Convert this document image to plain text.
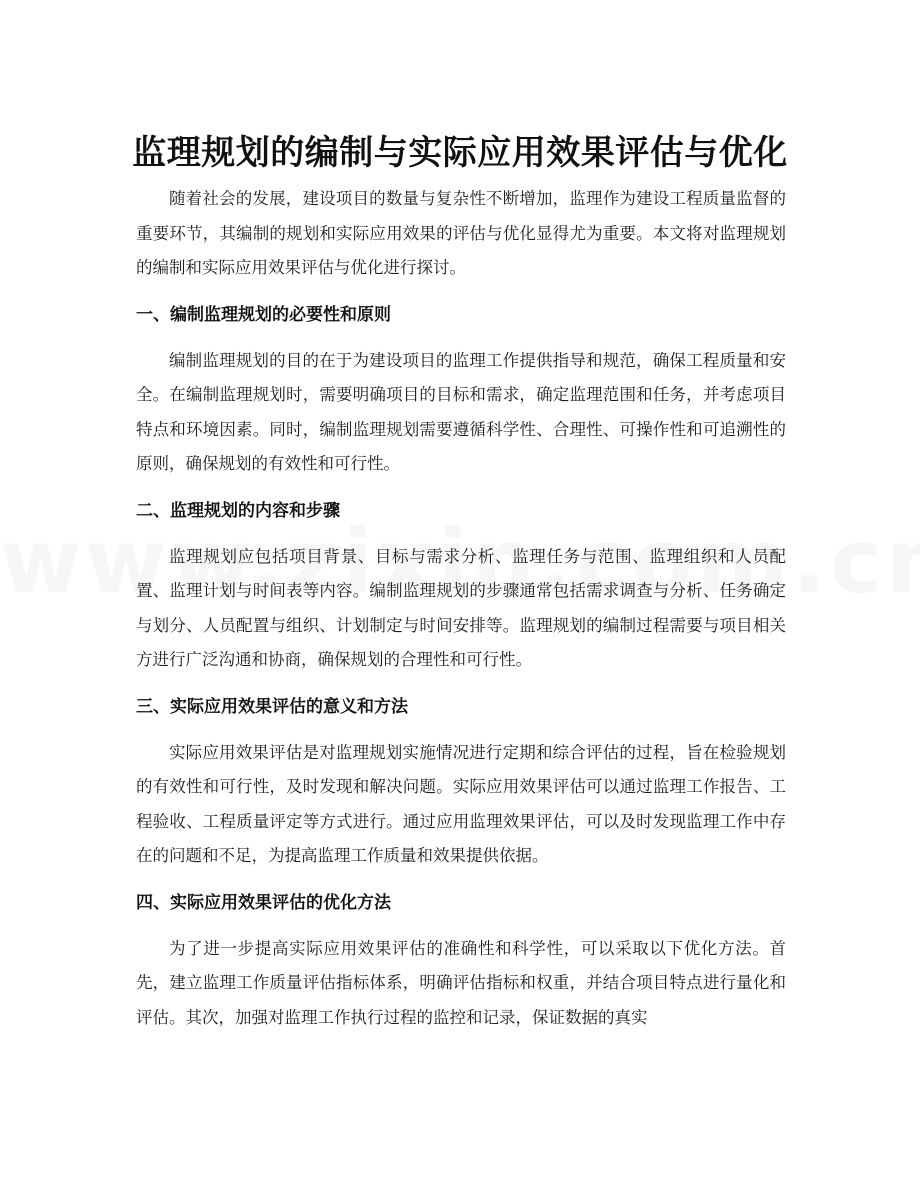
监理规划的编制与实际应用效果评估与优化

随着社会的发展，建设项目的数量与复杂性不断增加，监理作为建设工程质量监督的重要环节，其编制的规划和实际应用效果的评估与优化显得尤为重要。本文将对监理规划的编制和实际应用效果评估与优化进行探讨。

一、编制监理规划的必要性和原则

编制监理规划的目的在于为建设项目的监理工作提供指导和规范，确保工程质量和安全。在编制监理规划时，需要明确项目的目标和需求，确定监理范围和任务，并考虑项目特点和环境因素。同时，编制监理规划需要遵循科学性、合理性、可操作性和可追溯性的原则，确保规划的有效性和可行性。

二、监理规划的内容和步骤

监理规划应包括项目背景、目标与需求分析、监理任务与范围、监理组织和人员配置、监理计划与时间表等内容。编制监理规划的步骤通常包括需求调查与分析、任务确定与划分、人员配置与组织、计划制定与时间安排等。监理规划的编制过程需要与项目相关方进行广泛沟通和协商，确保规划的合理性和可行性。

三、实际应用效果评估的意义和方法

实际应用效果评估是对监理规划实施情况进行定期和综合评估的过程，旨在检验规划的有效性和可行性，及时发现和解决问题。实际应用效果评估可以通过监理工作报告、工程验收、工程质量评定等方式进行。通过应用监理效果评估，可以及时发现监理工作中存在的问题和不足，为提高监理工作质量和效果提供依据。

四、实际应用效果评估的优化方法

为了进一步提高实际应用效果评估的准确性和科学性，可以采取以下优化方法。首先，建立监理工作质量评估指标体系，明确评估指标和权重，并结合项目特点进行量化和评估。其次，加强对监理工作执行过程的监控和记录，保证数据的真实
